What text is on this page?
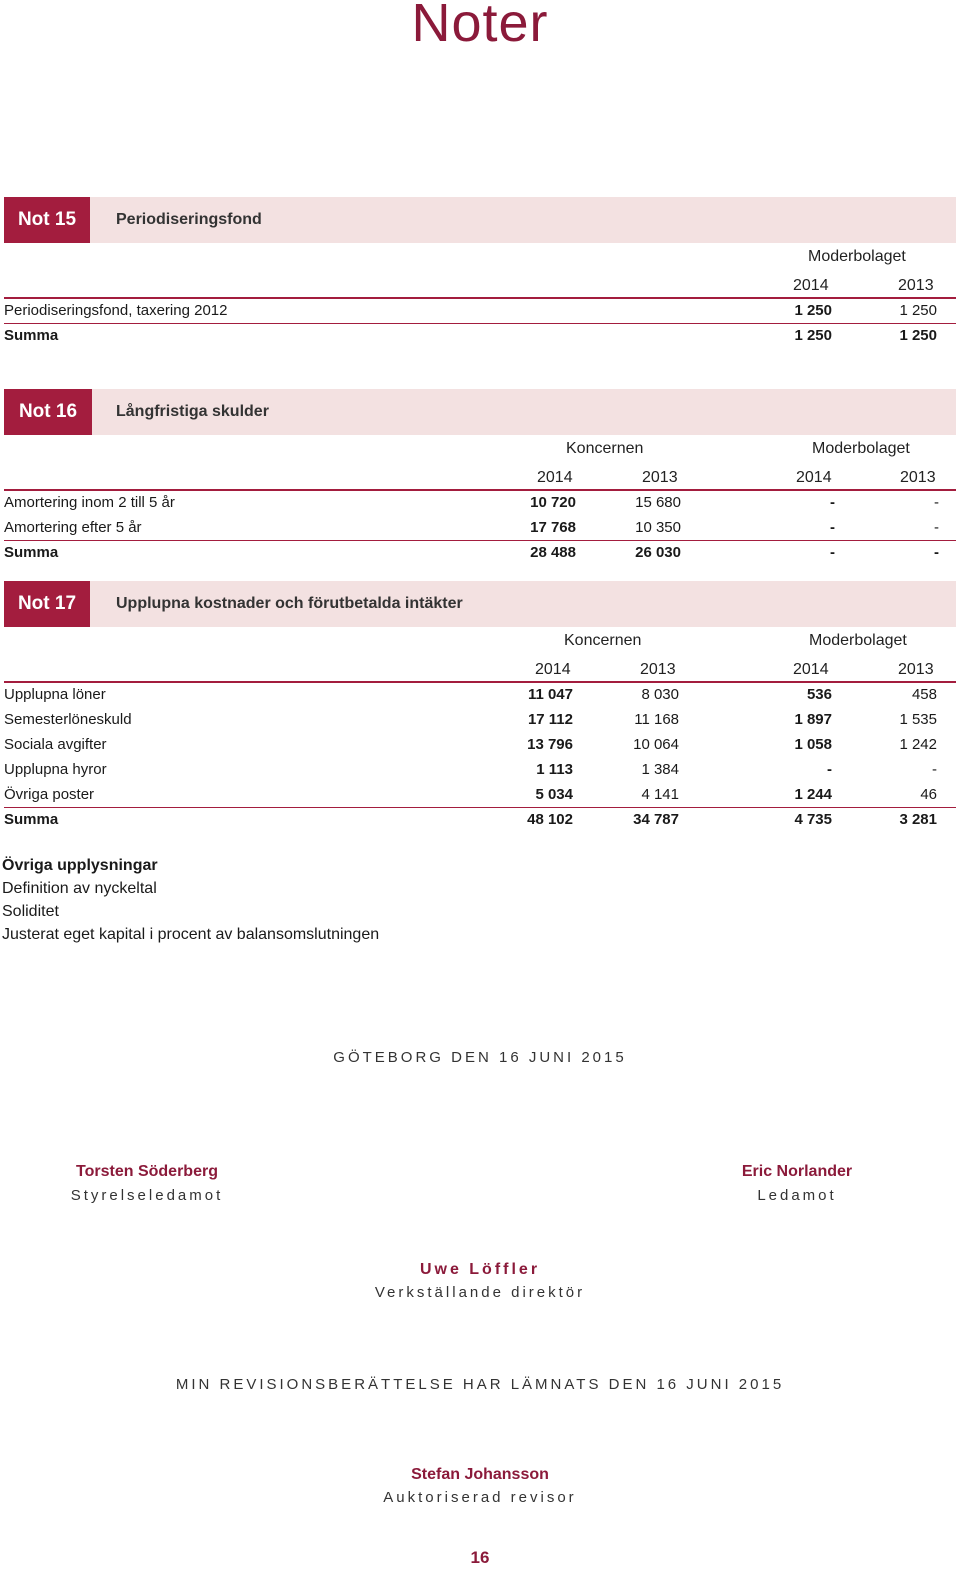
Noter
Not 15	Periodiseringsfond
Moderbolaget
2014	2013
Periodiseringsfond, taxering 2012	1 250	1 250
Summa	1 250	1 250
Not 16	Långfristiga skulder
Koncernen	Moderbolaget
2014	2013	2014	2013
Amortering inom 2 till 5 år	10 720	15 680	-	-
Amortering efter 5 år	17 768	10 350	-	-
Summa	28 488	26 030	-	-
Not 17	Upplupna kostnader och förutbetalda intäkter
Koncernen	Moderbolaget
2014	2013	2014	2013
Upplupna löner	11 047	8 030	536	458
Semesterlöneskuld	17 112	11 168	1 897	1 535
Sociala avgifter	13 796	10 064	1 058	1 242
Upplupna hyror	1 113	1 384	-	-
Övriga poster	5 034	4 141	1 244	46
Summa	48 102	34 787	4 735	3 281
Övriga upplysningar
Definition av nyckeltal
Soliditet
Justerat eget kapital i procent av balansomslutningen
GÖTEBORG DEN 16 JUNI 2015
Torsten Söderberg
Styrelseledamot
Eric Norlander
Ledamot
Uwe Löffler
Verkställande direktör
MIN REVISIONSBERÄTTELSE HAR LÄMNATS DEN 16 JUNI 2015
Stefan Johansson
Auktoriserad revisor
16
